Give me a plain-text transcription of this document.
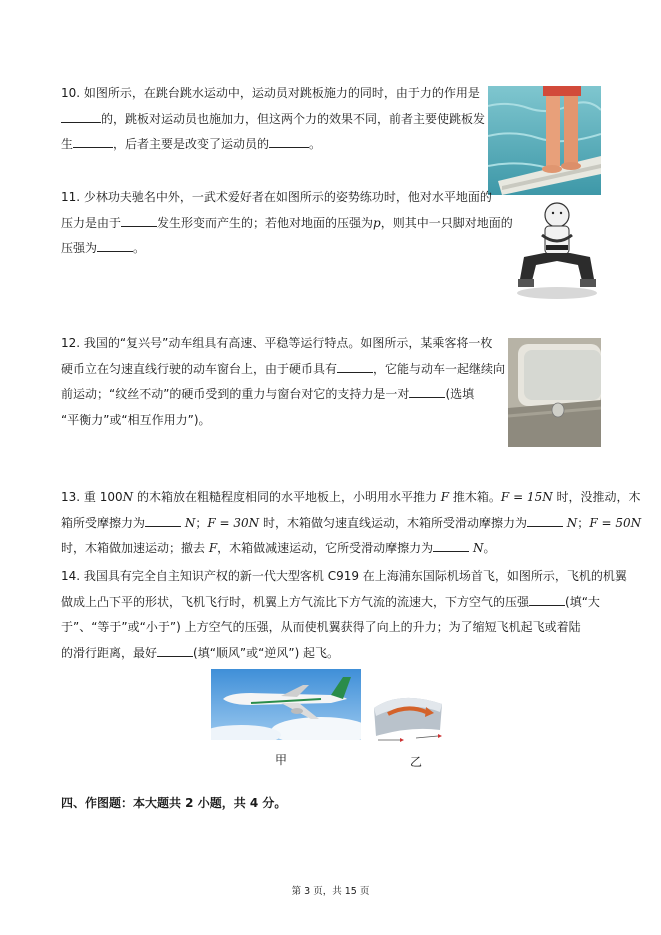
10. 如图所示，在跳台跳水运动中，运动员对跳板施力的同时，由于力的作用是
的，跳板对运动员也施加力，但这两个力的效果不同，前者主要使跳板发
生	，后者主要是改变了运动员的	。
11. 少林功夫驰名中外，一武术爱好者在如图所示的姿势练功时，他对水平地面的
压力是由于	发生形变而产生的；若他对地面的压强为p，则其中一只脚对地面的
压强为	。
12. 我国的“复兴号”动车组具有高速、平稳等运行特点。如图所示，某乘客将一枚
硬币立在匀速直线行驶的动车窗台上，由于硬币具有	，它能与动车一起继续向
前运动；“纹丝不动”的硬币受到的重力与窗台对它的支持力是一对	(选填
“平衡力”或“相互作用力”)。
13. 重 100N 的木箱放在粗糙程度相同的水平地板上，小明用水平推力 F 推木箱。F = 15N 时，没推动，木
箱所受摩擦力为	N；F = 30N 时，木箱做匀速直线运动，木箱所受滑动摩擦力为	N；F = 50N
时，木箱做加速运动；撤去 F，木箱做减速运动，它所受滑动摩擦力为	N。
14. 我国具有完全自主知识产权的新一代大型客机 C919 在上海浦东国际机场首飞，如图所示，飞机的机翼
做成上凸下平的形状，飞机飞行时，机翼上方气流比下方气流的流速大，下方空气的压强	(填“大
于”、“等于”或“小于”) 上方空气的压强，从而使机翼获得了向上的升力；为了缩短飞机起飞或着陆
的滑行距离，最好	(填“顺风”或“逆风”) 起飞。
甲	乙
四、作图题：本大题共 2 小题，共 4 分。
第 3 页，共 15 页
